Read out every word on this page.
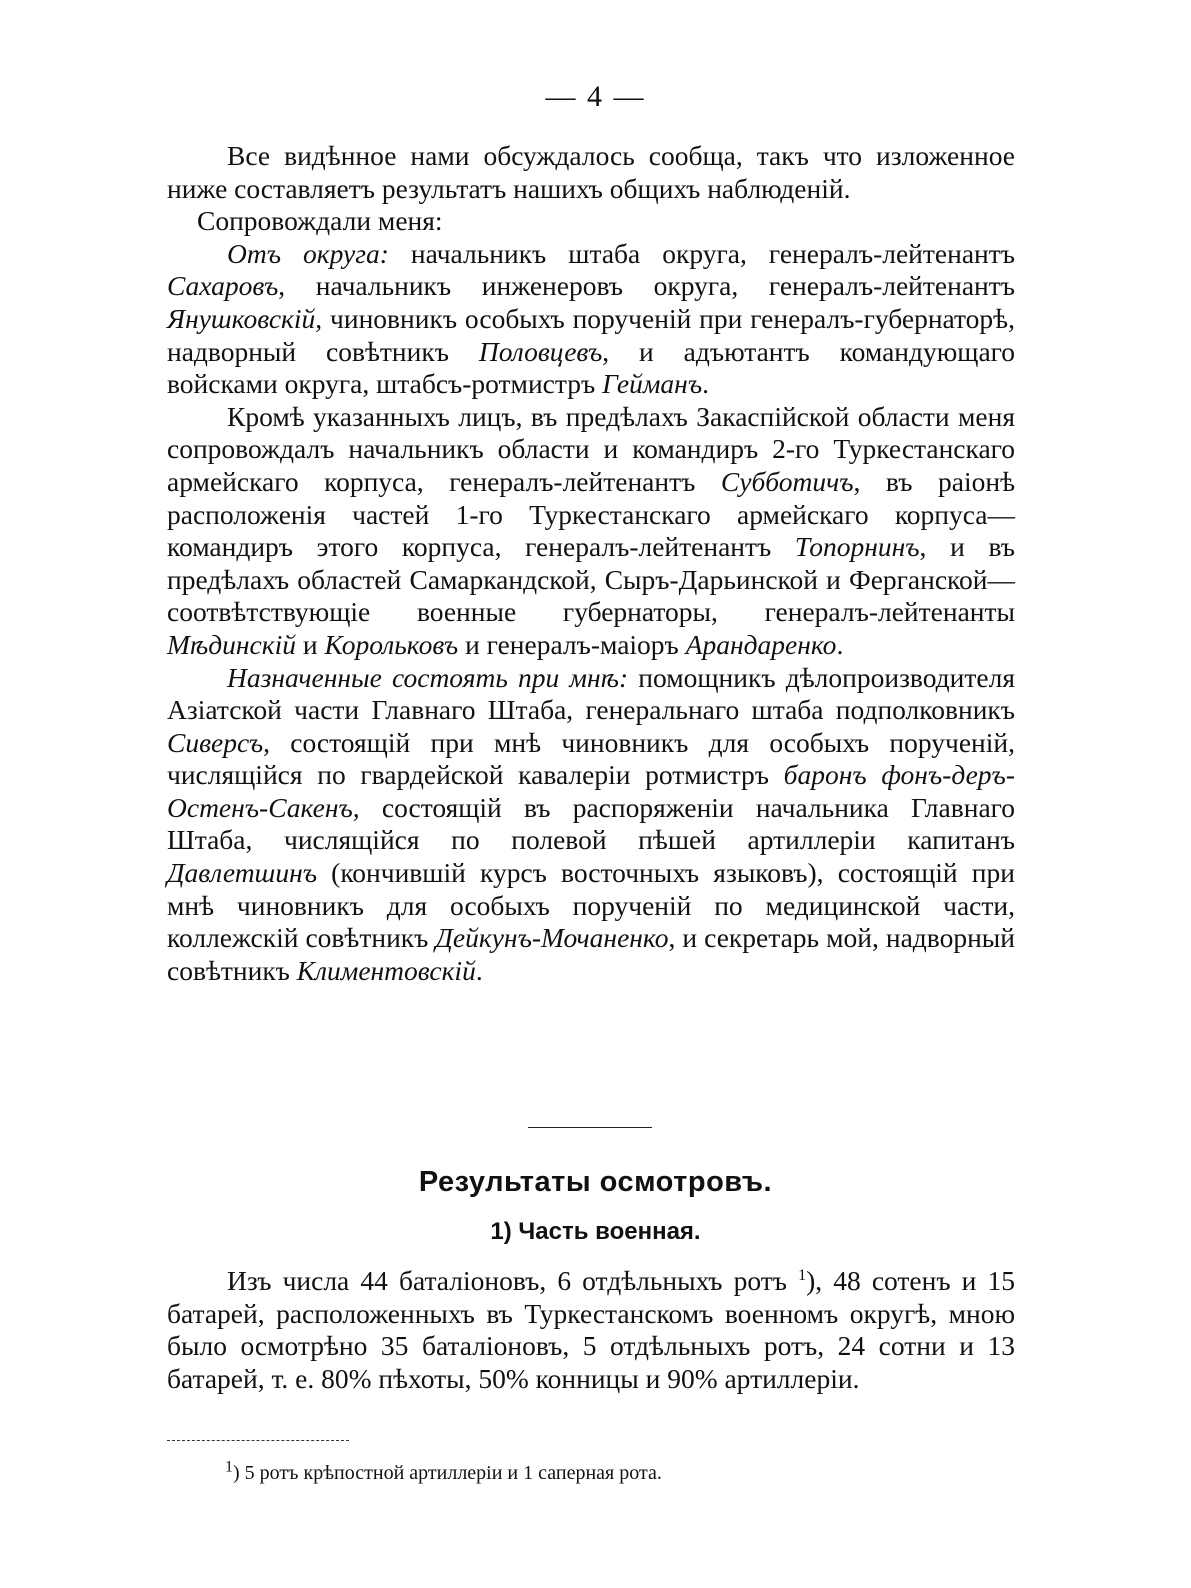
— 4 —

Все видѣнное нами обсуждалось сообща, такъ что изложенное ниже составляетъ результатъ нашихъ общихъ наблюденій.

Сопровождали меня:

Отъ округа: начальникъ штаба округа, генералъ-лейтенантъ Сахаровъ, начальникъ инженеровъ округа, генералъ-лейтенантъ Янушковскій, чиновникъ особыхъ порученій при генералъ-губернаторѣ, надворный совѣтникъ Половцевъ, и адъютантъ командующаго войсками округа, штабсъ-ротмистръ Гейманъ.

Кромѣ указанныхъ лицъ, въ предѣлахъ Закаспійской области меня сопровождалъ начальникъ области и командиръ 2-го Туркестанскаго армейскаго корпуса, генералъ-лейтенантъ Субботичъ, въ раіонѣ расположенія частей 1-го Туркестанскаго армейскаго корпуса—командиръ этого корпуса, генералъ-лейтенантъ Топорнинъ, и въ предѣлахъ областей Самаркандской, Сыръ-Дарьинской и Ферганской—соотвѣтствующіе военные губернаторы, генералъ-лейтенанты Мѣдинскій и Корольковъ и генералъ-маіоръ Арандаренко.

Назначенные состоять при мнѣ: помощникъ дѣлопроизводителя Азіатской части Главнаго Штаба, генеральнаго штаба подполковникъ Сиверсъ, состоящій при мнѣ чиновникъ для особыхъ порученій, числящійся по гвардейской кавалеріи ротмистръ баронъ фонъ-деръ-Остенъ-Сакенъ, состоящій въ распоряженіи начальника Главнаго Штаба, числящійся по полевой пѣшей артиллеріи капитанъ Давлетшинъ (кончившій курсъ восточныхъ языковъ), состоящій при мнѣ чиновникъ для особыхъ порученій по медицинской части, коллежскій совѣтникъ Дейкунъ-Мочаненко, и секретарь мой, надворный совѣтникъ Климентовскій.

Результаты осмотровъ.
1) Часть военная.

Изъ числа 44 баталіоновъ, 6 отдѣльныхъ ротъ $^1$), 48 сотенъ и 15 батарей, расположенныхъ въ Туркестанскомъ военномъ округѣ, мною было осмотрѣно 35 баталіоновъ, 5 отдѣльныхъ ротъ, 24 сотни и 13 батарей, т. е. 80% пѣхоты, 50% конницы и 90% артиллеріи.

$^1$) 5 ротъ крѣпостной артиллеріи и 1 саперная рота.
